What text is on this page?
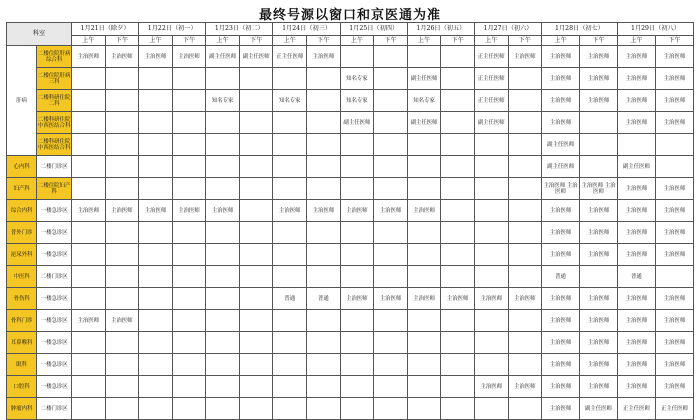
最终号源以窗口和京医通为准
科室		1月21日（除夕）		1月22日（初一）		1月23日（初二）		1月24日（初三）		1月25日（初四）		1月26日（初五）		1月27日（初六）		1月28日（初七）		1月29日（初八）	
		上午	下午	上午	下午	上午	下午	上午	下午	上午	下午	上午	下午	上午	下午	上午	下午	上午	下午
肝病	二楼住院肝病综合科	主治医师	主治医师	主治医师	主治医师	副主任医师	副主任医师	正主任医师	主治医师					正主任医师	主治医师	主治医师	主治医师	主治医师	主治医师
	二楼住院肝病三科									知名专家		副主任医师		正主任医师		主治医师	主治医师	主治医师	主治医师
	二楼科研住院二科					知名专家		知名专家		知名专家		知名专家		正主任医师		主治医师	主治医师	主治医师	主治医师
	二楼科研住院中西医结合科									副主任医师		副主任医师		副主任医师		主治医师		主治医师	主治医师
	二楼科研住院中西医结合科															副主任医师			
心内科	二楼门诊区															副主任医师		副主任医师	
妇产科	二楼住院妇产科															主治医师 主治医师	主治医师 主治医师	主治医师	主治医师
综合内科	一楼急诊区	主治医师	主治医师	主治医师	主治医师	主治医师		主治医师	主治医师	主治医师	主治医师	主治医师				主治医师	主治医师	主治医师	主治医师
普外门诊	一楼急诊区															主治医师	主治医师	主治医师	主治医师
泌尿外科	一楼急诊区															主治医师	主治医师	主治医师	主治医师
中医科	二楼门诊区															普通		普通	
骨伤科	一楼急诊区							普通	普通	主治医师	主治医师	主治医师	主治医师	主治医师	主治医师	主治医师	主治医师	主治医师	主治医师
骨科门诊	一楼急诊区	主治医师	主治医师													主治医师	主治医师	主治医师	主治医师
耳鼻喉科	一楼急诊区															主治医师	主治医师	主治医师	主治医师
眼科	一楼急诊区															主治医师	主治医师	主治医师	主治医师
口腔科	一楼急诊区													主治医师	主治医师	主治医师	主治医师	主治医师	主治医师
肿瘤内科	二楼门诊区															主治医师	副主任医师	正主任医师	正主任医师
